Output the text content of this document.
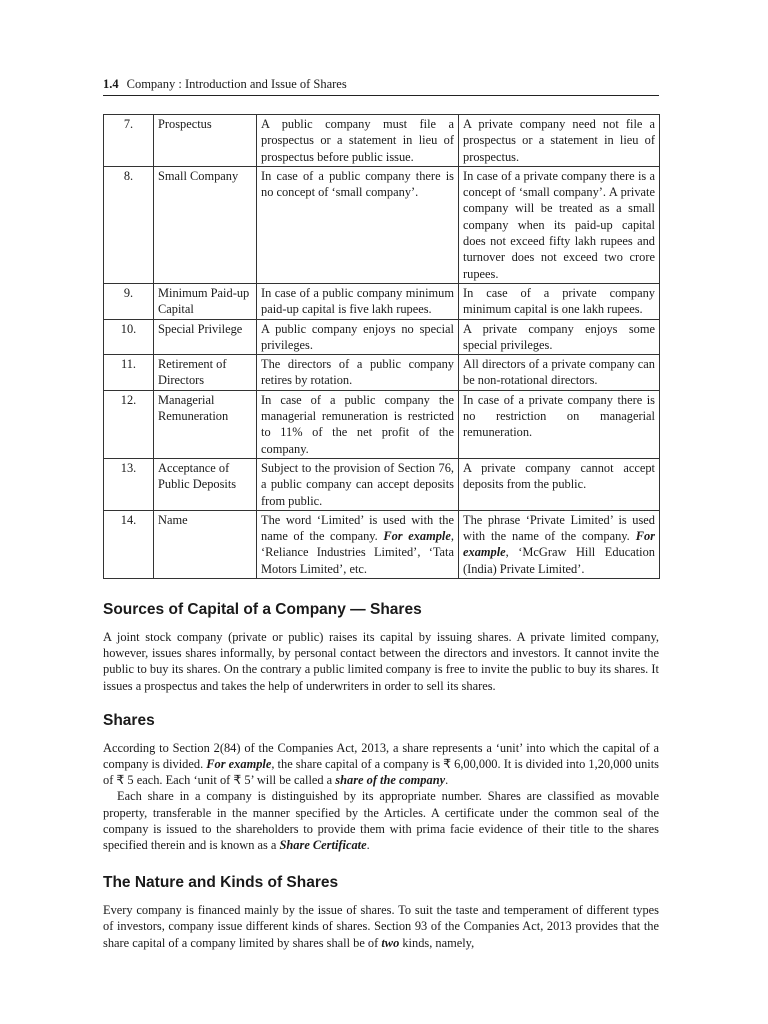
1.4 Company : Introduction and Issue of Shares
7.	Prospectus	A public company must file a prospectus or a statement in lieu of prospectus before public issue.	A private company need not file a prospectus or a statement in lieu of prospectus.
8.	Small Company	In case of a public company there is no concept of ‘small company’.	In case of a private company there is a concept of ‘small company’. A private company will be treated as a small company when its paid-up capital does not exceed fifty lakh rupees and turnover does not exceed two crore rupees.
9.	Minimum Paid-up Capital	In case of a public company minimum paid-up capital is five lakh rupees.	In case of a private company minimum capital is one lakh rupees.
10.	Special Privilege	A public company enjoys no special privileges.	A private company enjoys some special privileges.
11.	Retirement of Directors	The directors of a public company retires by rotation.	All directors of a private company can be non-rotational directors.
12.	Managerial Remuneration	In case of a public company the managerial remuneration is restricted to 11% of the net profit of the company.	In case of a private company there is no restriction on managerial remuneration.
13.	Acceptance of Public Deposits	Subject to the provision of Section 76, a public company can accept deposits from public.	A private company cannot accept deposits from the public.
14.	Name	The word ‘Limited’ is used with the name of the company. For example, ‘Reliance Industries Limited’, ‘Tata Motors Limited’, etc.	The phrase ‘Private Limited’ is used with the name of the company. For example, ‘McGraw Hill Education (India) Private Limited’.
Sources of Capital of a Company — Shares

A joint stock company (private or public) raises its capital by issuing shares. A private limited company, however, issues shares informally, by personal contact between the directors and investors. It cannot invite the public to buy its shares. On the contrary a public limited company is free to invite the public to buy its shares. It issues a prospectus and takes the help of underwriters in order to sell its shares.

Shares

According to Section 2(84) of the Companies Act, 2013, a share represents a ‘unit’ into which the capital of a company is divided. For example, the share capital of a company is ₹ 6,00,000. It is divided into 1,20,000 units of ₹ 5 each. Each ‘unit of ₹ 5’ will be called a share of the company.

Each share in a company is distinguished by its appropriate number. Shares are classified as movable property, transferable in the manner specified by the Articles. A certificate under the common seal of the company is issued to the shareholders to provide them with prima facie evidence of their title to the shares specified therein and is known as a Share Certificate.

The Nature and Kinds of Shares

Every company is financed mainly by the issue of shares. To suit the taste and temperament of different types of investors, company issue different kinds of shares. Section 93 of the Companies Act, 2013 provides that the share capital of a company limited by shares shall be of two kinds, namely,
